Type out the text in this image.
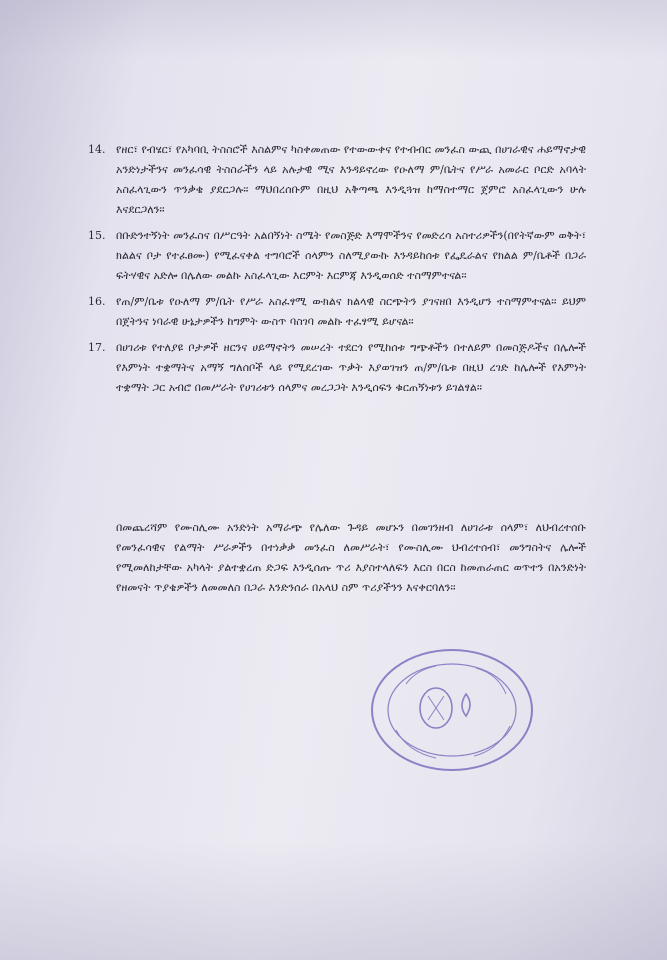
14. የዘር፣ የብሄር፣ የአካባቢ ትስስሮች እስልምና ካስቀመጠው የተውውቀና የተብብር መንፈስ ውጪ በሀገራዊና ሐይማኖታዊ አንድነታችንና መንፈሳዊ ትስስራችን ላይ አሉታዊ ሚና እንዳይኖረው የዑለማ ም/ቤትና የሥራ አመራር ቦርድ አባላት አስፈላጊውን ጥንቃቄ ያደርጋሉ፡፡ ማህበረሰቡም በዚህ አቅጣጫ እንዲጓዝ ከማስተማር ጀምሮ አስፈላጊውን ሁሉ እናደርጋለን፡፡
15. በቡድንተኝነት መንፈስና በሥርዓት አልበኝነት ስሜት የመስጅድ እማሞችንና የመድረሳ አስተሪዎችን(በየትኛውም ወቅት፣ ክልልና ቦታ የተፈፀሙ) የሚፈናቀል ተግባሮች ሰላምን ስለሚያውኩ እንዳይከሰቱ የፌዴራልና የክልል ም/ቤቶች በጋራ ፍትሃዊና አድሎ በሌለው መልኩ አስፈላጊው እርምት እርምጃ እንዲወሰድ ተስማምተናል፡፡
16. የጠ/ም/ቤቱ የዑለማ ም/ቤት የሥራ አስፈፃሚ ውክልና ክልላዊ ስርጭትን ያገናዘበ እንዲሆን ተስማምተናል፡፡ ይህም በጀትንና ነባራዊ ሁኔታዎችን ከግምት ውስጥ ባስገባ መልኩ ተፈፃሚ ይሆናል፡፡
17. በሀገሪቱ የተለያዩ ቦታዎች ዘርንና ሀይማኖትን መሠረት ተደርጎ የሚከሰቱ ግጭቶችን በተለይም በመስጅዶችና በሌሎች የእምነት ተቋማትና አማኝ ግለሰቦች ላይ የሚደረገው ጥቃት እያወገዝን ጠ/ም/ቤቱ በዚህ ረገድ ከሌሎች የእምነት ተቋማት ጋር አብሮ በመሥራት የሀገሪቱን ሰላምና መረጋጋት እንዲሰፍን ቁርጠኝነቱን ይገልፃል፡፡
በመጨረሻም የሙስሊሙ አንድነት አማራጭ የሌለው ጉዳይ መሆኑን በመገንዘብ ለሀገራቱ ሰላም፣ ለህብረተሰቡ የመንፈሳዊና የልማት ሥራዎችን በተነቃቃ መንፈስ ለመሥራት፣ የሙስሊሙ ህብረተሰብ፣ መንግስትና ሌሎች የሚመለከታቸው አካላት ያልተቋረጠ ድጋፍ እንዲሰጡ ጥሪ እያስተላለፍን እርስ በርስ ከመጠራጠር ወጥተን በአንድነት የዘመናት ጥያቄዎችን ለመመለስ በጋራ እንድንሰራ በአላህ ስም ጥሪያችንን እናቀርባለን፡፡
